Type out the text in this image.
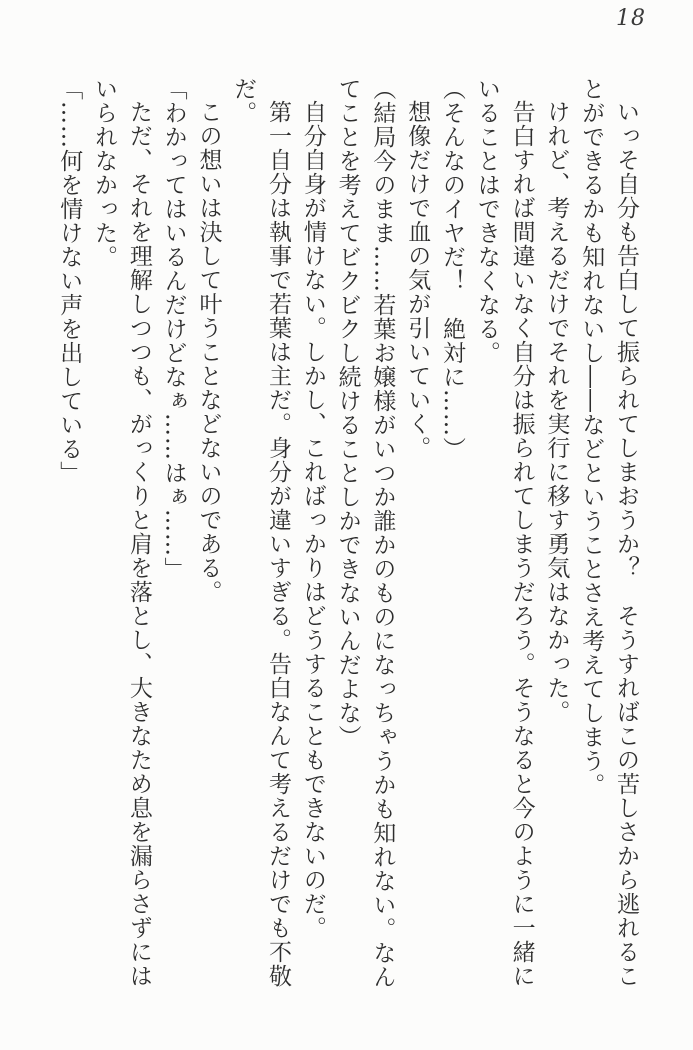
18

いっそ自分も告白して振られてしまおうか？　そうすればこの苦しさから逃れることができるかも知れないし――などということさえ考えてしまう。

けれど、考えるだけでそれを実行に移す勇気はなかった。

告白すれば間違いなく自分は振られてしまうだろう。そうなると今のように一緒にいることはできなくなる。

（そんなのイヤだ！　絶対に……）

想像だけで血の気が引いていく。

（結局今のまま……若葉お嬢様がいつか誰かのものになっちゃうかも知れない。なんてことを考えてビクビクし続けることしかできないんだよな）

自分自身が情けない。しかし、こればっかりはどうすることもできないのだ。

第一自分は執事で若葉は主だ。身分が違いすぎる。告白なんて考えるだけでも不敬だ。

この想いは決して叶うことなどないのである。

「わかってはいるんだけどなぁ……はぁ……」

ただ、それを理解しつつも、がっくりと肩を落とし、大きなため息を漏らさずにはいられなかった。

「……何を情けない声を出している」
